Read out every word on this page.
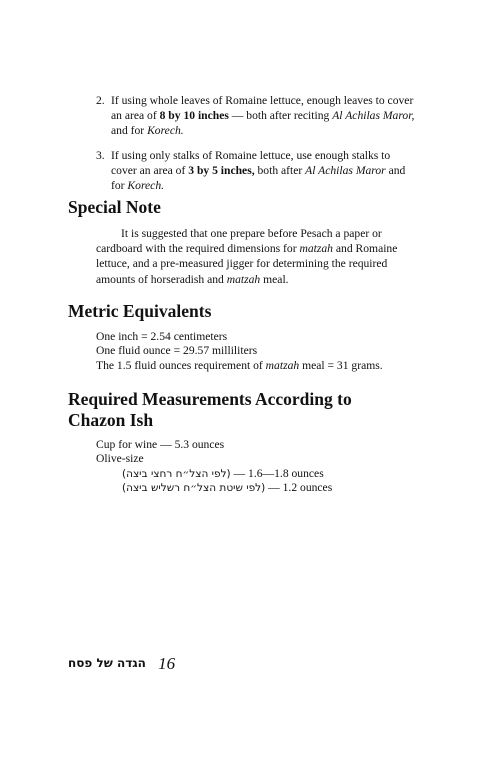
2. If using whole leaves of Romaine lettuce, enough leaves to cover an area of 8 by 10 inches — both after reciting Al Achilas Maror, and for Korech.
3. If using only stalks of Romaine lettuce, use enough stalks to cover an area of 3 by 5 inches, both after Al Achilas Maror and for Korech.
Special Note

It is suggested that one prepare before Pesach a paper or cardboard with the required dimensions for matzah and Romaine lettuce, and a pre-measured jigger for determining the required amounts of horseradish and matzah meal.

Metric Equivalents
One inch = 2.54 centimeters
One fluid ounce = 29.57 milliliters
The 1.5 fluid ounces requirement of matzah meal = 31 grams.
Required Measurements According to
Chazon Ish
Cup for wine — 5.3 ounces
Olive-size
(לפי הצל״ח רחצי ביצה) — 1.6—1.8 ounces
(לפי שיטת הצל״ח רשליש ביצה) — 1.2 ounces
הגדה של פסח 16
